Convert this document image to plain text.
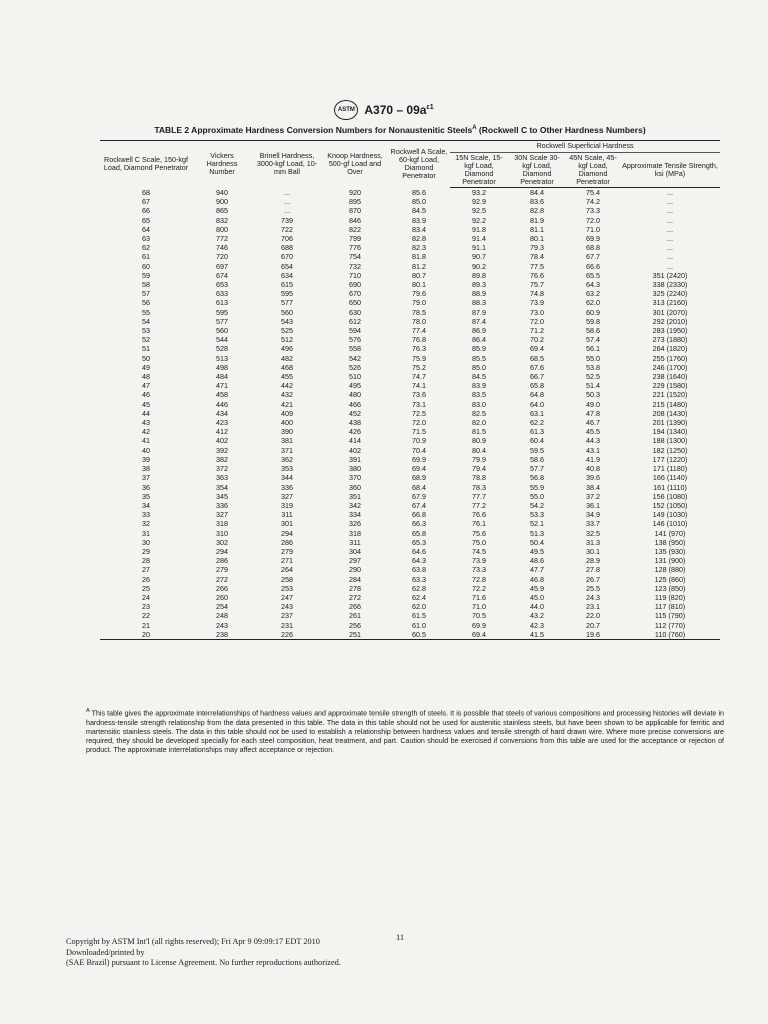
ASTM $A370 - 09a^{\varepsilon 1}$
TABLE 2 Approximate Hardness Conversion Numbers for Nonaustenitic Steels$^A$ (Rockwell C to Other Hardness Numbers)
Rockwell C Scale, 150-kgf Load, Diamond Penetrator	Vickers Hardness Number	Brinell Hardness, 3000-kgf Load, 10-mm Ball	Knoop Hardness, 500-gf Load and Over	Rockwell A Scale, 60-kgf Load, Diamond Penetrator	Rockwell Superficial Hardness			
					15N Scale, 15-kgf Load, Diamond Penetrator	30N Scale 30-kgf Load, Diamond Penetrator	45N Scale, 45-kgf Load, Diamond Penetrator	Approximate Tensile Strength, ksi (MPa)
68	940	...	920	85.6	93.2	84.4	75.4	...
67	900	...	895	85.0	92.9	83.6	74.2	...
66	865	...	870	84.5	92.5	82.8	73.3	...
65	832	739	846	83.9	92.2	81.9	72.0	...
64	800	722	822	83.4	91.8	81.1	71.0	...
63	772	706	799	82.8	91.4	80.1	69.9	...
62	746	688	776	82.3	91.1	79.3	68.8	...
61	720	670	754	81.8	90.7	78.4	67.7	...
60	697	654	732	81.2	90.2	77.5	66.6	...
59	674	634	710	80.7	89.8	76.6	65.5	351 (2420)
58	653	615	690	80.1	89.3	75.7	64.3	338 (2330)
57	633	595	670	79.6	88.9	74.8	63.2	325 (2240)
56	613	577	650	79.0	88.3	73.9	62.0	313 (2160)
55	595	560	630	78.5	87.9	73.0	60.9	301 (2070)
54	577	543	612	78.0	87.4	72.0	59.8	292 (2010)
53	560	525	594	77.4	86.9	71.2	58.6	283 (1950)
52	544	512	576	76.8	86.4	70.2	57.4	273 (1880)
51	528	496	558	76.3	85.9	69.4	56.1	264 (1820)
50	513	482	542	75.9	85.5	68.5	55.0	255 (1760)
49	498	468	526	75.2	85.0	67.6	53.8	246 (1700)
48	484	455	510	74.7	84.5	66.7	52.5	238 (1640)
47	471	442	495	74.1	83.9	65.8	51.4	229 (1580)
46	458	432	480	73.6	83.5	64.8	50.3	221 (1520)
45	446	421	466	73.1	83.0	64.0	49.0	215 (1480)
44	434	409	452	72.5	82.5	63.1	47.8	208 (1430)
43	423	400	438	72.0	82.0	62.2	46.7	201 (1390)
42	412	390	426	71.5	81.5	61.3	45.5	194 (1340)
41	402	381	414	70.9	80.9	60.4	44.3	188 (1300)
40	392	371	402	70.4	80.4	59.5	43.1	182 (1250)
39	382	362	391	69.9	79.9	58.6	41.9	177 (1220)
38	372	353	380	69.4	79.4	57.7	40.8	171 (1180)
37	363	344	370	68.9	78.8	56.8	39.6	166 (1140)
36	354	336	360	68.4	78.3	55.9	38.4	161 (1110)
35	345	327	351	67.9	77.7	55.0	37.2	156 (1080)
34	336	319	342	67.4	77.2	54.2	36.1	152 (1050)
33	327	311	334	66.8	76.6	53.3	34.9	149 (1030)
32	318	301	326	66.3	76.1	52.1	33.7	146 (1010)
31	310	294	318	65.8	75.6	51.3	32.5	141 (970)
30	302	286	311	65.3	75.0	50.4	31.3	138 (950)
29	294	279	304	64.6	74.5	49.5	30.1	135 (930)
28	286	271	297	64.3	73.9	48.6	28.9	131 (900)
27	279	264	290	63.8	73.3	47.7	27.8	128 (880)
26	272	258	284	63.3	72.8	46.8	26.7	125 (860)
25	266	253	278	62.8	72.2	45.9	25.5	123 (850)
24	260	247	272	62.4	71.6	45.0	24.3	119 (820)
23	254	243	266	62.0	71.0	44.0	23.1	117 (810)
22	248	237	261	61.5	70.5	43.2	22.0	115 (790)
21	243	231	256	61.0	69.9	42.3	20.7	112 (770)
20	238	226	251	60.5	69.4	41.5	19.6	110 (760)
$^A$ This table gives the approximate interrelationships of hardness values and approximate tensile strength of steels. It is possible that steels of various compositions and processing histories will deviate in hardness-tensile strength relationship from the data presented in this table. The data in this table should not be used for austenitic stainless steels, but have been shown to be applicable for ferritic and martensitic stainless steels. The data in this table should not be used to establish a relationship between hardness values and tensile strength of hard drawn wire. Where more precise conversions are required, they should be developed specially for each steel composition, heat treatment, and part. Caution should be exercised if conversions from this table are used for the acceptance or rejection of product. The approximate interrelationships may affect acceptance or rejection.
11
Copyright by ASTM Int'l (all rights reserved); Fri Apr 9 09:09:17 EDT 2010
Downloaded/printed by
(SAE Brazil) pursuant to License Agreement. No further reproductions authorized.
